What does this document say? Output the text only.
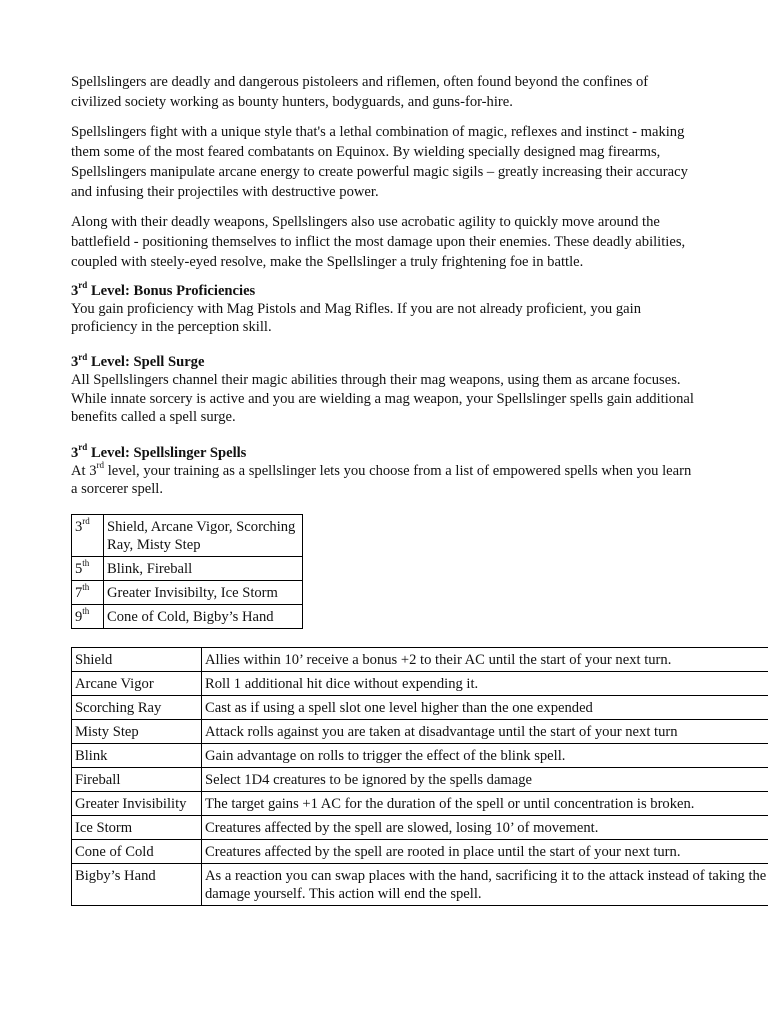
Spellslingers are deadly and dangerous pistoleers and riflemen, often found beyond the confines of civilized society working as bounty hunters, bodyguards, and guns-for-hire.

Spellslingers fight with a unique style that's a lethal combination of magic, reflexes and instinct - making them some of the most feared combatants on Equinox. By wielding specially designed mag firearms, Spellslingers manipulate arcane energy to create powerful magic sigils – greatly increasing their accuracy and infusing their projectiles with destructive power.

Along with their deadly weapons, Spellslingers also use acrobatic agility to quickly move around the battlefield - positioning themselves to inflict the most damage upon their enemies. These deadly abilities, coupled with steely-eyed resolve, make the Spellslinger a truly frightening foe in battle.

3rd Level: Bonus Proficiencies
You gain proficiency with Mag Pistols and Mag Rifles. If you are not already proficient, you gain proficiency in the perception skill.
3rd Level: Spell Surge
All Spellslingers channel their magic abilities through their mag weapons, using them as arcane focuses. While innate sorcery is active and you are wielding a mag weapon, your Spellslinger spells gain additional benefits called a spell surge.
3rd Level: Spellslinger Spells
At 3rd level, your training as a spellslinger lets you choose from a list of empowered spells when you learn a sorcerer spell.
3rd	Shield, Arcane Vigor, Scorching Ray, Misty Step
5th	Blink, Fireball
7th	Greater Invisibilty, Ice Storm
9th	Cone of Cold, Bigby’s Hand
Shield	Allies within 10’ receive a bonus +2 to their AC until the start of your next turn.
Arcane Vigor	Roll 1 additional hit dice without expending it.
Scorching Ray	Cast as if using a spell slot one level higher than the one expended
Misty Step	Attack rolls against you are taken at disadvantage until the start of your next turn
Blink	Gain advantage on rolls to trigger the effect of the blink spell.
Fireball	Select 1D4 creatures to be ignored by the spells damage
Greater Invisibility	The target gains +1 AC for the duration of the spell or until concentration is broken.
Ice Storm	Creatures affected by the spell are slowed, losing 10’ of movement.
Cone of Cold	Creatures affected by the spell are rooted in place until the start of your next turn.
Bigby’s Hand	As a reaction you can swap places with the hand, sacrificing it to the attack instead of taking the damage yourself. This action will end the spell.
